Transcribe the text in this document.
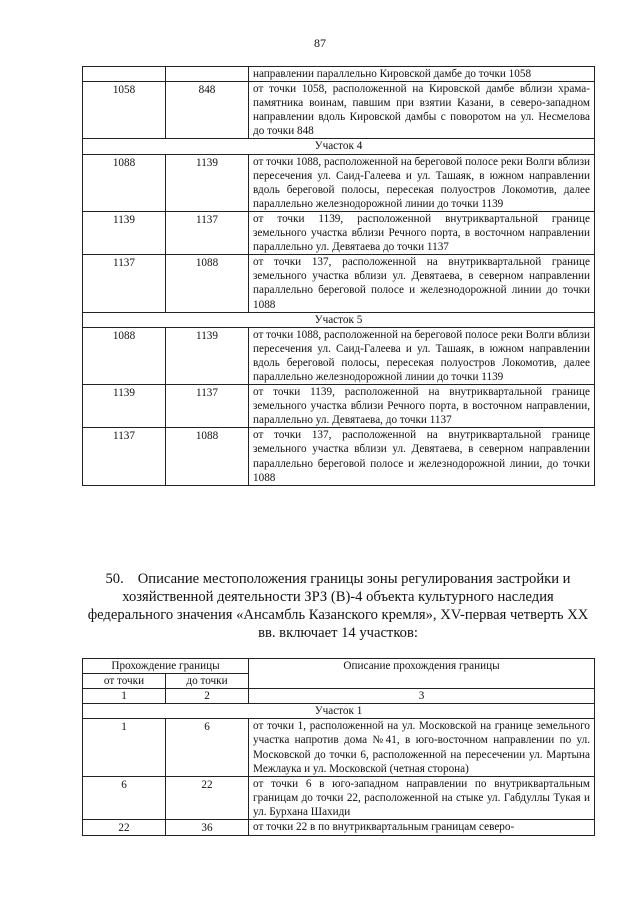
87
		направлении параллельно Кировской дамбе до точки 1058
1058	848	от точки 1058, расположенной на Кировской дамбе вблизи храма-памятника воинам, павшим при взятии Казани, в северо-западном направлении вдоль Кировской дамбы с поворотом на ул. Несмелова до точки 848
Участок 4		
1088	1139	от точки 1088, расположенной на береговой полосе реки Волги вблизи пересечения ул. Саид-Галеева и ул. Ташаяк, в южном направлении вдоль береговой полосы, пересекая полуостров Локомотив, далее параллельно железнодорожной линии до точки 1139
1139	1137	от точки 1139, расположенной внутриквартальной границе земельного участка вблизи Речного порта, в восточном направлении параллельно ул. Девятаева до точки 1137
1137	1088	от точки 137, расположенной на внутриквартальной границе земельного участка вблизи ул. Девятаева, в северном направлении параллельно береговой полосе и железнодорожной линии до точки 1088
Участок 5		
1088	1139	от точки 1088, расположенной на береговой полосе реки Волги вблизи пересечения ул. Саид-Галеева и ул. Ташаяк, в южном направлении вдоль береговой полосы, пересекая полуостров Локомотив, далее параллельно железнодорожной линии до точки 1139
1139	1137	от точки 1139, расположенной на внутриквартальной границе земельного участка вблизи Речного порта, в восточном направлении, параллельно ул. Девятаева, до точки 1137
1137	1088	от точки 137, расположенной на внутриквартальной границе земельного участка вблизи ул. Девятаева, в северном направлении параллельно береговой полосе и железнодорожной линии, до точки 1088
50. Описание местоположения границы зоны регулирования застройки и хозяйственной деятельности ЗРЗ (В)-4 объекта культурного наследия федерального значения «Ансамбль Казанского кремля», XV-первая четверть XX вв. включает 14 участков:
Прохождение границы		Описание прохождения границы
от точки	до точки	
1	2	3
Участок 1		
1	6	от точки 1, расположенной на ул. Московской на границе земельного участка напротив дома №41, в юго-восточном направлении по ул. Московской до точки 6, расположенной на пересечении ул. Мартына Межлаука и ул. Московской (четная сторона)
6	22	от точки 6 в юго-западном направлении по внутриквартальным границам до точки 22, расположенной на стыке ул. Габдуллы Тукая и ул. Бурхана Шахиди
22	36	от точки 22 в по внутриквартальным границам северо-
